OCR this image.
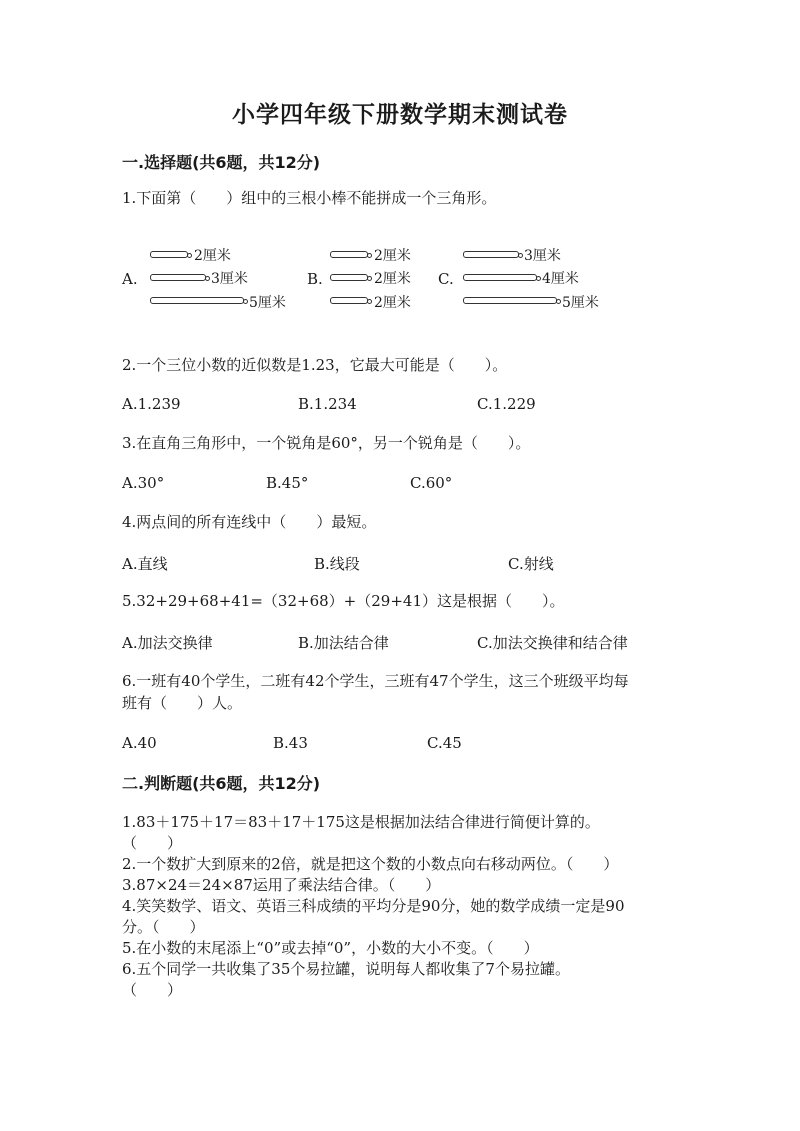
小学四年级下册数学期末测试卷
一.选择题(共6题，共12分)
1.下面第（　　）组中的三根小棒不能拼成一个三角形。
A.
2厘米
3厘米
5厘米
B.
2厘米
2厘米
2厘米
C.
3厘米
4厘米
5厘米
2.一个三位小数的近似数是1.23，它最大可能是（　　）。
A.1.239	B.1.234	C.1.229
3.在直角三角形中，一个锐角是60°，另一个锐角是（　　）。
A.30°	B.45°	C.60°
4.两点间的所有连线中（　　）最短。
A.直线	B.线段	C.射线
5.32+29+68+41=（32+68）+（29+41）这是根据（　　）。
A.加法交换律	B.加法结合律	C.加法交换律和结合律
6.一班有40个学生，二班有42个学生，三班有47个学生，这三个班级平均每
班有（　　）人。
A.40	B.43	C.45
二.判断题(共6题，共12分)
1.83＋175＋17＝83＋17＋175这是根据加法结合律进行简便计算的。
（　　）
2.一个数扩大到原来的2倍，就是把这个数的小数点向右移动两位。（　　）
3.87×24＝24×87运用了乘法结合律。（　　）
4.笑笑数学、语文、英语三科成绩的平均分是90分，她的数学成绩一定是90
分。（　　）
5.在小数的末尾添上“0”或去掉“0”，小数的大小不变。（　　）
6.五个同学一共收集了35个易拉罐，说明每人都收集了7个易拉罐。
（　　）
